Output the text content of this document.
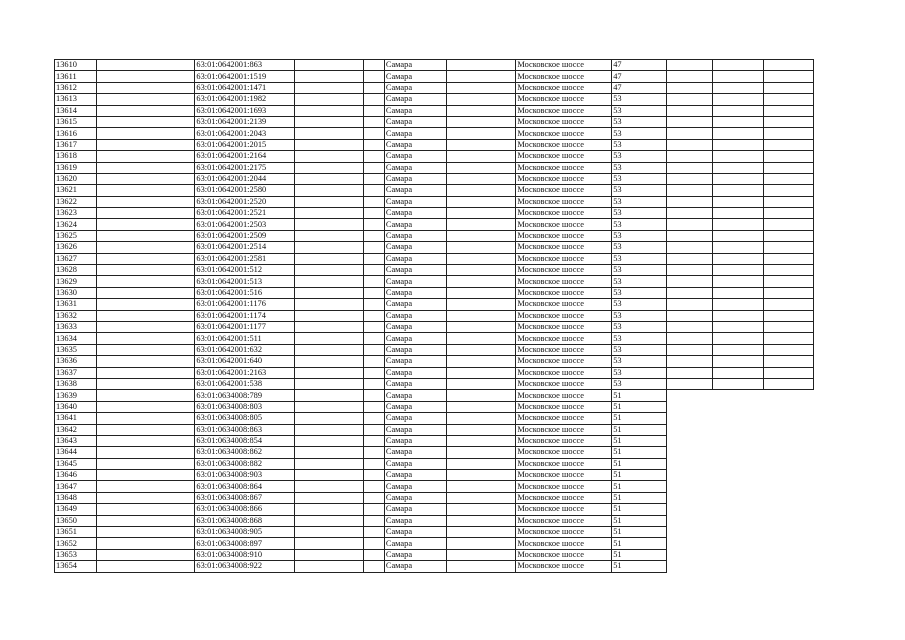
13610		63:01:0642001:863			Самара		Московское шоссе	47			
13611		63:01:0642001:1519			Самара		Московское шоссе	47			
13612		63:01:0642001:1471			Самара		Московское шоссе	47			
13613		63:01:0642001:1982			Самара		Московское шоссе	53			
13614		63:01:0642001:1693			Самара		Московское шоссе	53			
13615		63:01:0642001:2139			Самара		Московское шоссе	53			
13616		63:01:0642001:2043			Самара		Московское шоссе	53			
13617		63:01:0642001:2015			Самара		Московское шоссе	53			
13618		63:01:0642001:2164			Самара		Московское шоссе	53			
13619		63:01:0642001:2175			Самара		Московское шоссе	53			
13620		63:01:0642001:2044			Самара		Московское шоссе	53			
13621		63:01:0642001:2580			Самара		Московское шоссе	53			
13622		63:01:0642001:2520			Самара		Московское шоссе	53			
13623		63:01:0642001:2521			Самара		Московское шоссе	53			
13624		63:01:0642001:2503			Самара		Московское шоссе	53			
13625		63:01:0642001:2509			Самара		Московское шоссе	53			
13626		63:01:0642001:2514			Самара		Московское шоссе	53			
13627		63:01:0642001:2581			Самара		Московское шоссе	53			
13628		63:01:0642001:512			Самара		Московское шоссе	53			
13629		63:01:0642001:513			Самара		Московское шоссе	53			
13630		63:01:0642001:516			Самара		Московское шоссе	53			
13631		63:01:0642001:1176			Самара		Московское шоссе	53			
13632		63:01:0642001:1174			Самара		Московское шоссе	53			
13633		63:01:0642001:1177			Самара		Московское шоссе	53			
13634		63:01:0642001:511			Самара		Московское шоссе	53			
13635		63:01:0642001:632			Самара		Московское шоссе	53			
13636		63:01:0642001:640			Самара		Московское шоссе	53			
13637		63:01:0642001:2163			Самара		Московское шоссе	53			
13638		63:01:0642001:538			Самара		Московское шоссе	53			
13639		63:01:0634008:789			Самара		Московское шоссе	51			
13640		63:01:0634008:803			Самара		Московское шоссе	51			
13641		63:01:0634008:805			Самара		Московское шоссе	51			
13642		63:01:0634008:863			Самара		Московское шоссе	51			
13643		63:01:0634008:854			Самара		Московское шоссе	51			
13644		63:01:0634008:862			Самара		Московское шоссе	51			
13645		63:01:0634008:882			Самара		Московское шоссе	51			
13646		63:01:0634008:903			Самара		Московское шоссе	51			
13647		63:01:0634008:864			Самара		Московское шоссе	51			
13648		63:01:0634008:867			Самара		Московское шоссе	51			
13649		63:01:0634008:866			Самара		Московское шоссе	51			
13650		63:01:0634008:868			Самара		Московское шоссе	51			
13651		63:01:0634008:905			Самара		Московское шоссе	51			
13652		63:01:0634008:897			Самара		Московское шоссе	51			
13653		63:01:0634008:910			Самара		Московское шоссе	51			
13654		63:01:0634008:922			Самара		Московское шоссе	51			
